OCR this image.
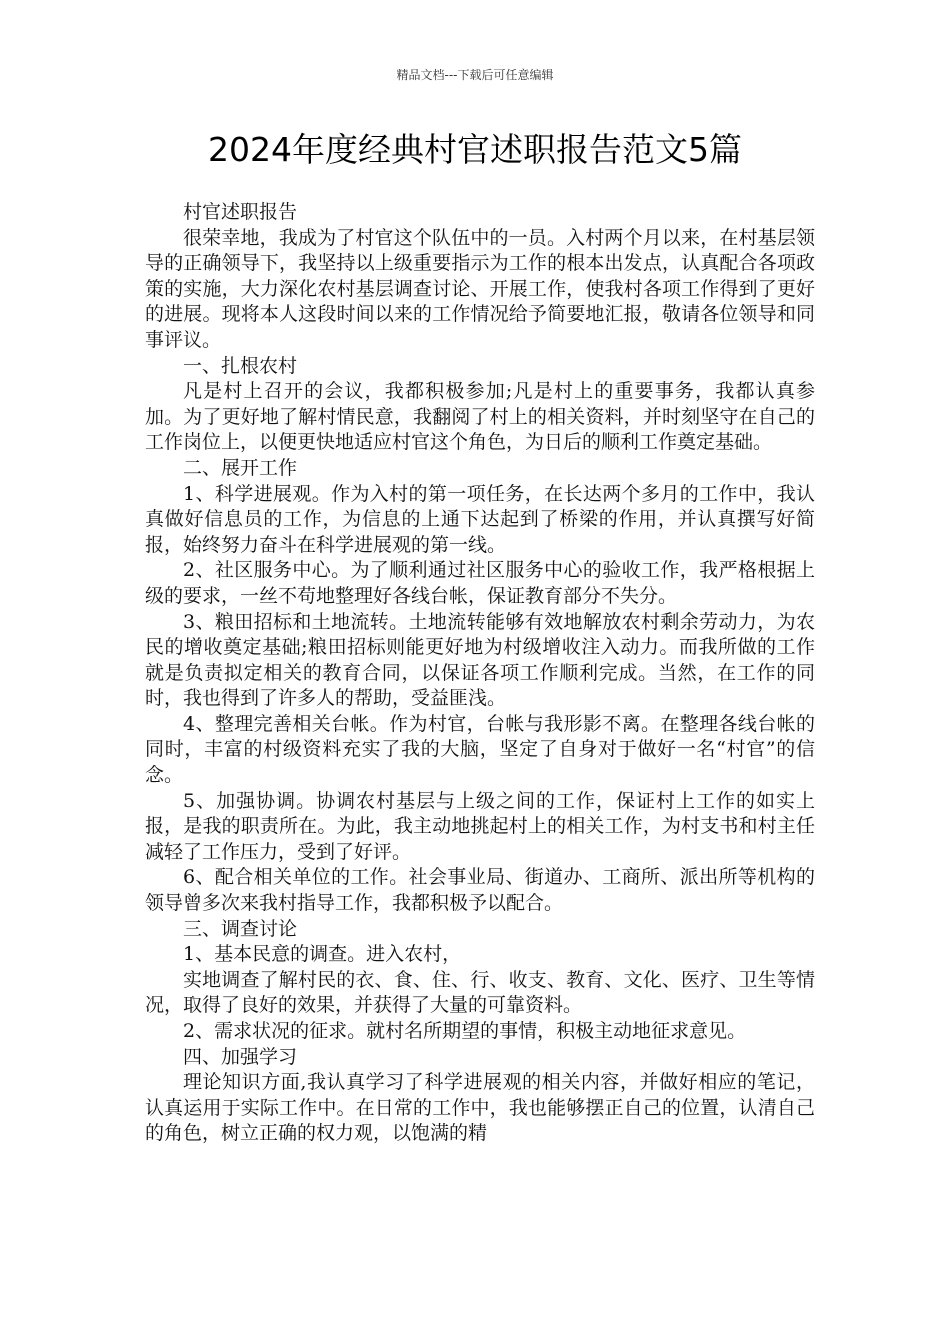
精品文档---下载后可任意编辑
2024年度经典村官述职报告范文5篇

村官述职报告

很荣幸地，我成为了村官这个队伍中的一员。入村两个月以来，在村基层领导的正确领导下，我坚持以上级重要指示为工作的根本出发点，认真配合各项政策的实施，大力深化农村基层调查讨论、开展工作，使我村各项工作得到了更好的进展。现将本人这段时间以来的工作情况给予简要地汇报，敬请各位领导和同事评议。

一、扎根农村

凡是村上召开的会议，我都积极参加;凡是村上的重要事务，我都认真参加。为了更好地了解村情民意，我翻阅了村上的相关资料，并时刻坚守在自己的工作岗位上，以便更快地适应村官这个角色，为日后的顺利工作奠定基础。

二、展开工作

1、科学进展观。作为入村的第一项任务，在长达两个多月的工作中，我认真做好信息员的工作，为信息的上通下达起到了桥梁的作用，并认真撰写好简报，始终努力奋斗在科学进展观的第一线。

2、社区服务中心。为了顺利通过社区服务中心的验收工作，我严格根据上级的要求，一丝不苟地整理好各线台帐，保证教育部分不失分。

3、粮田招标和土地流转。土地流转能够有效地解放农村剩余劳动力，为农民的增收奠定基础;粮田招标则能更好地为村级增收注入动力。而我所做的工作就是负责拟定相关的教育合同，以保证各项工作顺利完成。当然，在工作的同时，我也得到了许多人的帮助，受益匪浅。

4、整理完善相关台帐。作为村官，台帐与我形影不离。在整理各线台帐的同时，丰富的村级资料充实了我的大脑，坚定了自身对于做好一名“村官”的信念。

5、加强协调。协调农村基层与上级之间的工作，保证村上工作的如实上报，是我的职责所在。为此，我主动地挑起村上的相关工作，为村支书和村主任减轻了工作压力，受到了好评。

6、配合相关单位的工作。社会事业局、街道办、工商所、派出所等机构的领导曾多次来我村指导工作，我都积极予以配合。

三、调查讨论

1、基本民意的调查。进入农村，

实地调查了解村民的衣、食、住、行、收支、教育、文化、医疗、卫生等情况，取得了良好的效果，并获得了大量的可靠资料。

2、需求状况的征求。就村名所期望的事情，积极主动地征求意见。

四、加强学习

理论知识方面,我认真学习了科学进展观的相关内容，并做好相应的笔记，认真运用于实际工作中。在日常的工作中，我也能够摆正自己的位置，认清自己的角色，树立正确的权力观，以饱满的精
